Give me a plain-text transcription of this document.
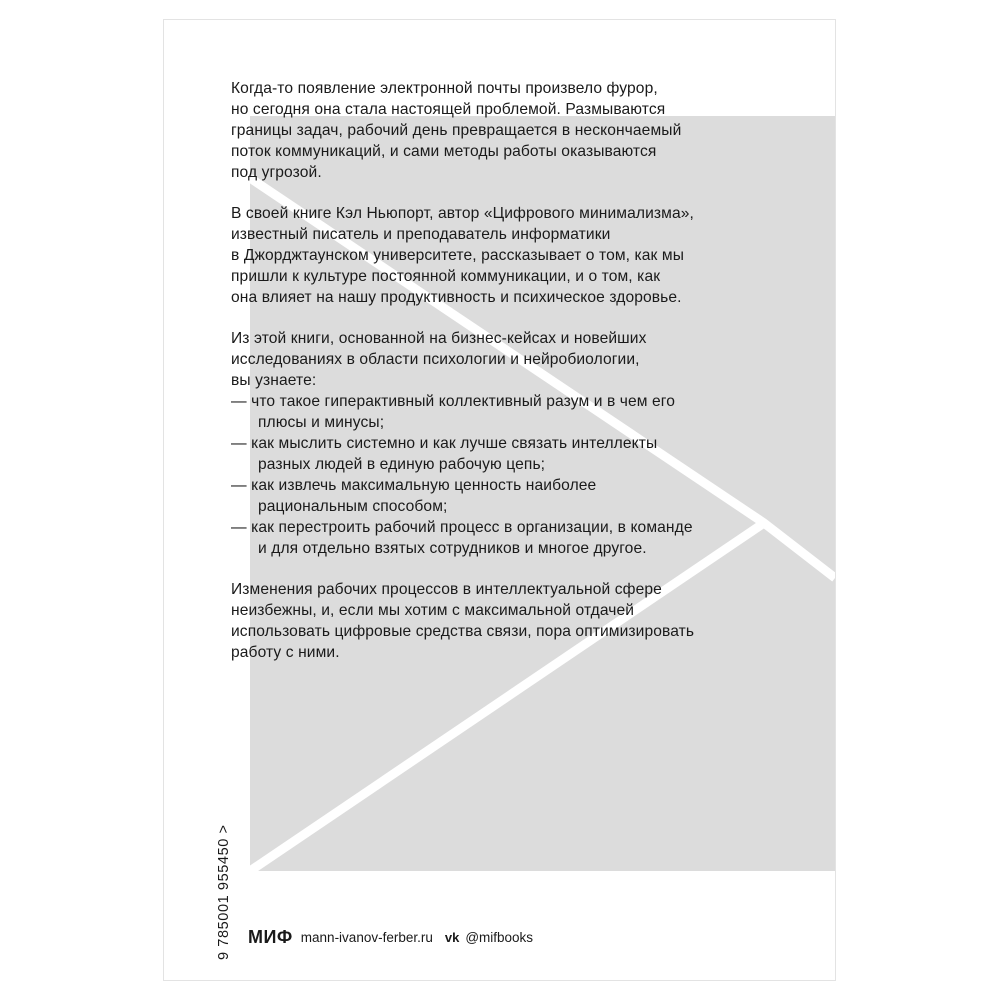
Когда-то появление электронной почты произвело фурор,
но сегодня она стала настоящей проблемой. Размываются
границы задач, рабочий день превращается в нескончаемый
поток коммуникаций, и сами методы работы оказываются
под угрозой.
В своей книге Кэл Ньюпорт, автор «Цифрового минимализма»,
известный писатель и преподаватель информатики
в Джорджтаунском университете, рассказывает о том, как мы
пришли к культуре постоянной коммуникации, и о том, как
она влияет на нашу продуктивность и психическое здоровье.
Из этой книги, основанной на бизнес-кейсах и новейших
исследованиях в области психологии и нейробиологии,
вы узнаете:
— что такое гиперактивный коллективный разум и в чем его
плюсы и минусы;
— как мыслить системно и как лучше связать интеллекты
разных людей в единую рабочую цепь;
— как извлечь максимальную ценность наиболее
рациональным способом;
— как перестроить рабочий процесс в организации, в команде
и для отдельно взятых сотрудников и многое другое.
Изменения рабочих процессов в интеллектуальной сфере
неизбежны, и, если мы хотим с максимальной отдачей
использовать цифровые средства связи, пора оптимизировать
работу с ними.
9 785001 955450 > МИФ mann-ivanov-ferber.ru vk @mifbooks
